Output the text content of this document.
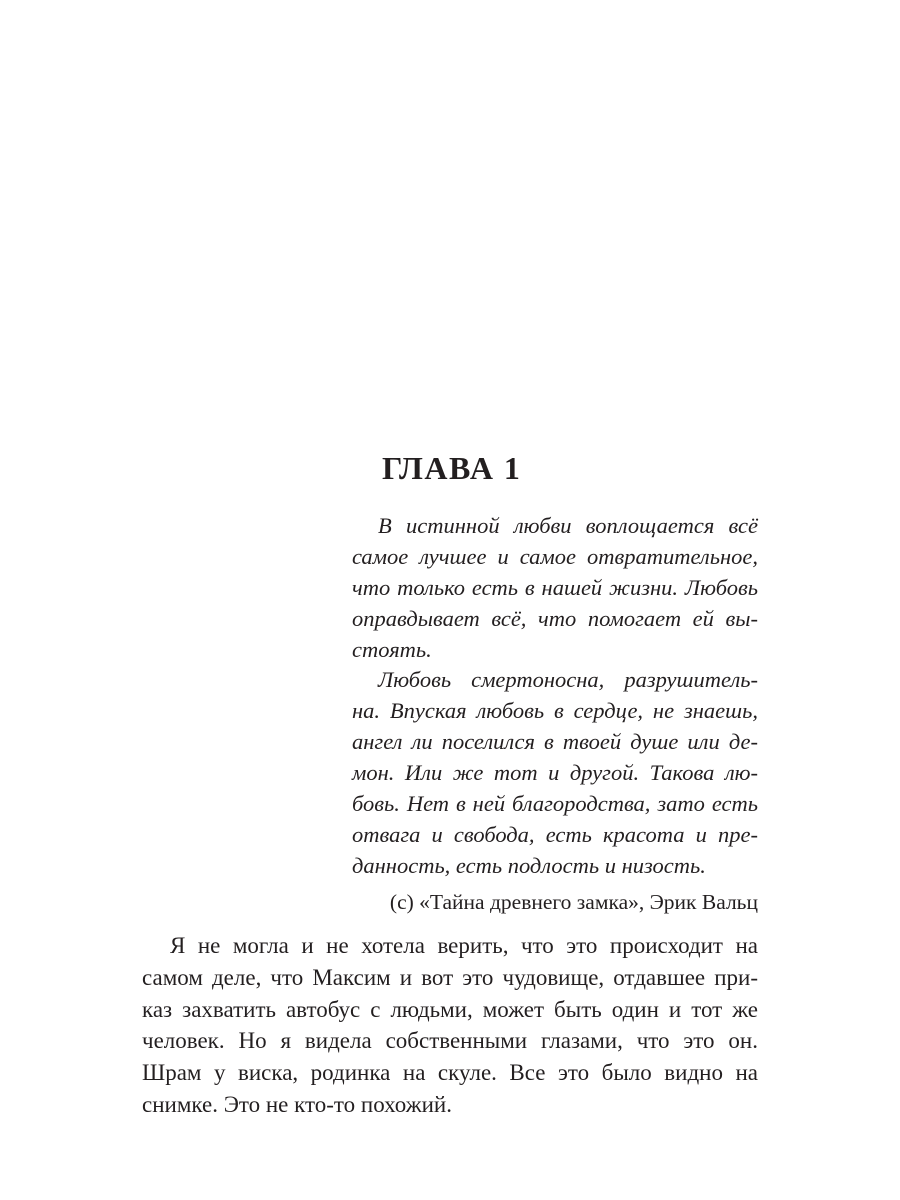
ГЛАВА 1
В истинной любви воплощается всё
самое лучшее и самое отвратительное,
что только есть в нашей жизни. Любовь
оправдывает всё, что помогает ей вы-
стоять.
Любовь смертоносна, разрушитель-
на. Впуская любовь в сердце, не знаешь,
ангел ли поселился в твоей душе или де-
мон. Или же тот и другой. Такова лю-
бовь. Нет в ней благородства, зато есть
отвага и свобода, есть красота и пре-
данность, есть подлость и низость.
(с) «Тайна древнего замка», Эрик Вальц
Я не могла и не хотела верить, что это происходит на
самом деле, что Максим и вот это чудовище, отдавшее при-
каз захватить автобус с людьми, может быть один и тот же
человек. Но я видела собственными глазами, что это он.
Шрам у виска, родинка на скуле. Все это было видно на
снимке. Это не кто-то похожий.
